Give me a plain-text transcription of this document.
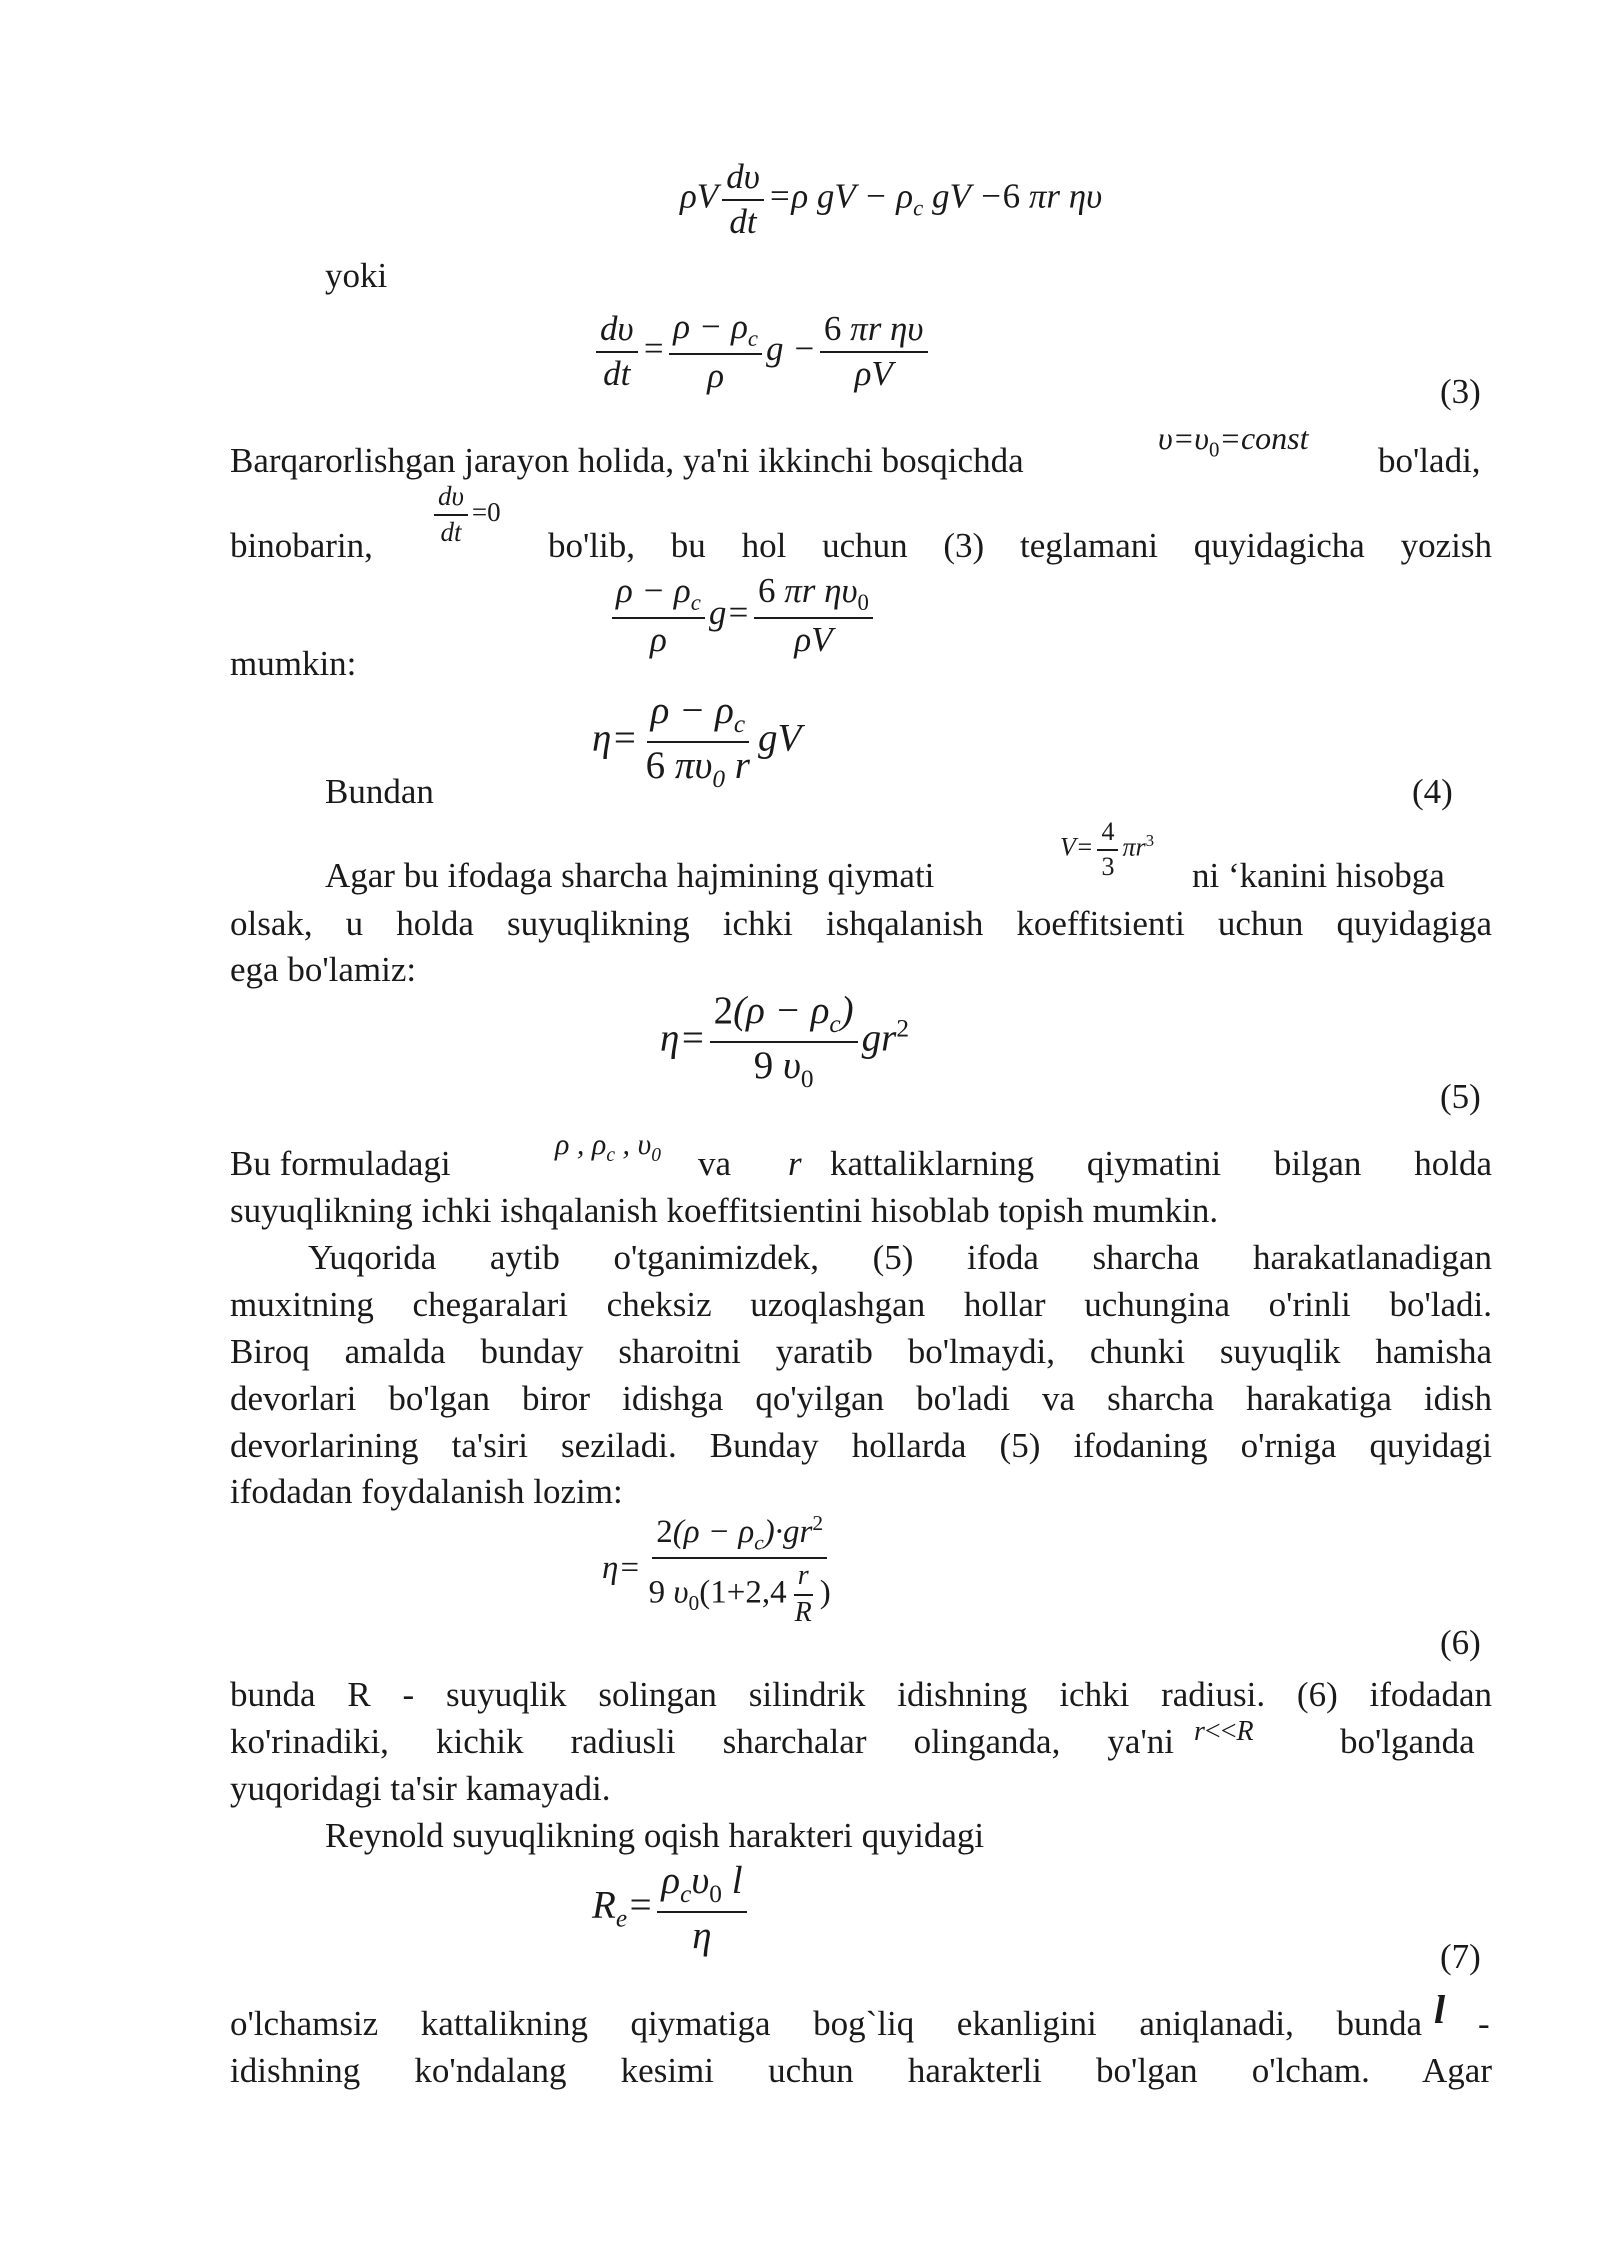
ρV $\frac{d\upsilon}{dt} =\rho$ gV − $\rho_c$ gV −6 πr ηυ
yoki
$\frac{d\upsilon}{dt} = \frac{\rho - \rho_c}{\rho}$ $g - \frac{\text{6 πr ηυ}}{\rho V}$	(3)
Barqarorlishgan jarayon holida, ya'ni ikkinchi bosqichda
$\upsilon=\upsilon_0=const$
bo'ladi,
binobarin, $\frac{d\upsilon}{dt} =0$
bo'lib, bu hol uchun (3) teglamani quyidagicha yozish
$\frac{\rho - \rho_c}{\rho} g= \frac{6 \pi r \eta\upsilon_0}{\rho V}$
mumkin:
$\eta= \frac{\rho - \rho_c}{6 \pi\upsilon_0 r}$ gV
Bundan	(4)
Agar bu ifodaga sharcha hajmining qiymati
$V= \frac{4}{3} \pi r^3$
ni ‘kanini hisobga
olsak, u holda suyuqlikning ichki ishqalanish koeffitsienti uchun quyidagiga
ega bo'lamiz:
$\eta= \frac{2(\rho - \rho_c)}{9 \upsilon_0} gr^2$
(5)
Bu formuladagi	ρ , $\rho_c$ , $\upsilon_0$ va r kattaliklarning qiymatini bilgan holda
suyuqlikning ichki ishqalanish koeffitsientini hisoblab topish mumkin.
Yuqorida aytib o'tganimizdek, (5) ifoda sharcha harakatlanadigan
muxitning chegaralari cheksiz uzoqlashgan hollar uchungina o'rinli bo'ladi.
Biroq amalda bunday sharoitni yaratib bo'lmaydi, chunki suyuqlik hamisha
devorlari bo'lgan biror idishga qo'yilgan bo'ladi va sharcha harakatiga idish
devorlarining ta'siri seziladi. Bunday hollarda (5) ifodaning o'rniga quyidagi
ifodadan foydalanish lozim:
$\eta= \frac{2(\rho - \rho_c)\cdot gr^2}{9 \upsilon_0(1+2,4 \frac{r}{R} )}$
(6)
bunda R - suyuqlik solingan silindrik idishning ichki radiusi. (6) ifodadan
ko'rinadiki, kichik radiusli sharchalar olinganda, ya'ni r<<R bo'lganda
yuqoridagi ta'sir kamayadi.
Reynold suyuqlikning oqish harakteri quyidagi
$R_e= \frac{\rho_c\upsilon_0 l}{\eta}$	(7)
o'lchamsiz kattalikning qiymatiga bog`liq ekanligini aniqlanadi, bunda l -
idishning ko'ndalang kesimi uchun harakterli bo'lgan o'lcham. Agar
